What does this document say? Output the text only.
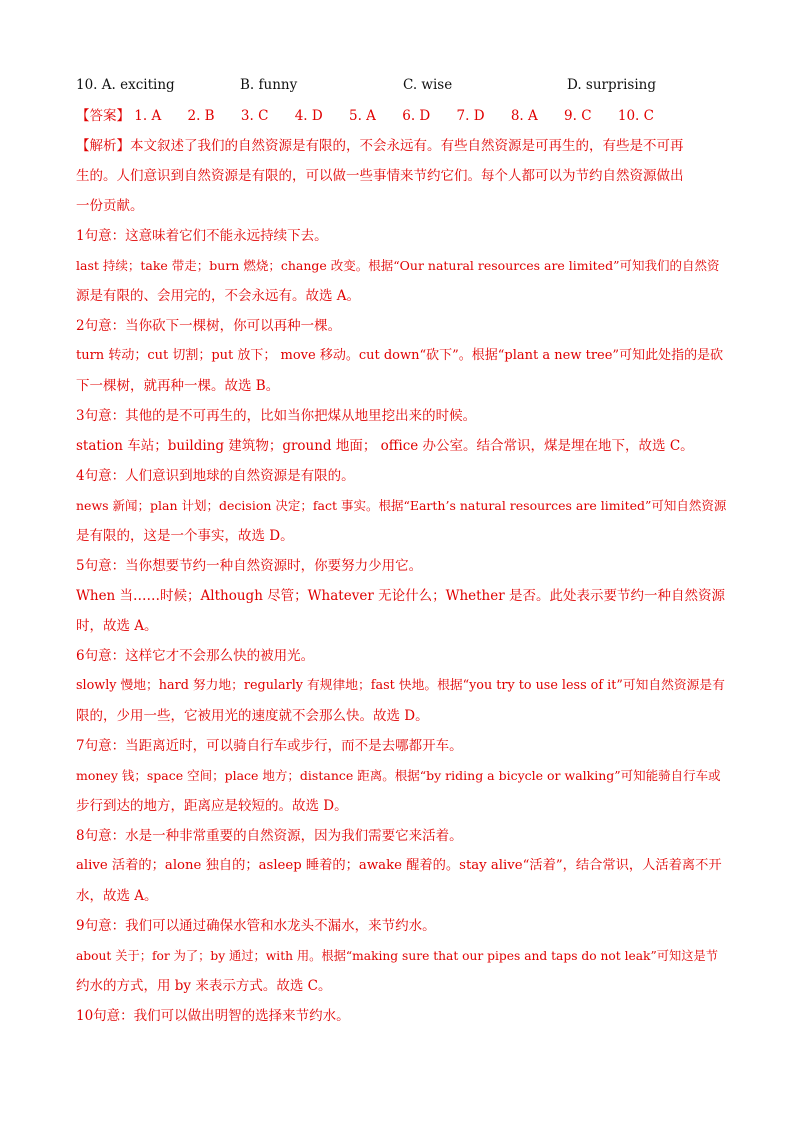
10. A. exciting	B. funny	C. wise	D. surprising
【答案】 1. A 2. B 3. C 4. D 5. A 6. D 7. D 8. A 9. C 10. C
【解析】本文叙述了我们的自然资源是有限的，不会永远有。有些自然资源是可再生的，有些是不可再
生的。人们意识到自然资源是有限的，可以做一些事情来节约它们。每个人都可以为节约自然资源做出
一份贡献。
1句意：这意味着它们不能永远持续下去。
last 持续；take 带走；burn 燃烧；change 改变。根据“Our natural resources are limited”可知我们的自然资
源是有限的、会用完的，不会永远有。故选 A。
2句意：当你砍下一棵树，你可以再种一棵。
turn 转动；cut 切割；put 放下； move 移动。cut down“砍下”。根据“plant a new tree”可知此处指的是砍
下一棵树，就再种一棵。故选 B。
3句意：其他的是不可再生的，比如当你把煤从地里挖出来的时候。
station 车站；building 建筑物；ground 地面； office 办公室。结合常识，煤是埋在地下，故选 C。
4句意：人们意识到地球的自然资源是有限的。
news 新闻；plan 计划；decision 决定；fact 事实。根据“Earth’s natural resources are limited”可知自然资源
是有限的，这是一个事实，故选 D。
5句意：当你想要节约一种自然资源时，你要努力少用它。
When 当……时候；Although 尽管；Whatever 无论什么；Whether 是否。此处表示要节约一种自然资源
时，故选 A。
6句意：这样它才不会那么快的被用光。
slowly 慢地；hard 努力地；regularly 有规律地；fast 快地。根据“you try to use less of it”可知自然资源是有
限的，少用一些，它被用光的速度就不会那么快。故选 D。
7句意：当距离近时，可以骑自行车或步行，而不是去哪都开车。
money 钱；space 空间；place 地方；distance 距离。根据“by riding a bicycle or walking”可知能骑自行车或
步行到达的地方，距离应是较短的。故选 D。
8句意：水是一种非常重要的自然资源，因为我们需要它来活着。
alive 活着的；alone 独自的；asleep 睡着的；awake 醒着的。stay alive“活着”，结合常识，人活着离不开
水，故选 A。
9句意：我们可以通过确保水管和水龙头不漏水，来节约水。
about 关于；for 为了；by 通过；with 用。根据“making sure that our pipes and taps do not leak”可知这是节
约水的方式，用 by 来表示方式。故选 C。
10句意：我们可以做出明智的选择来节约水。
